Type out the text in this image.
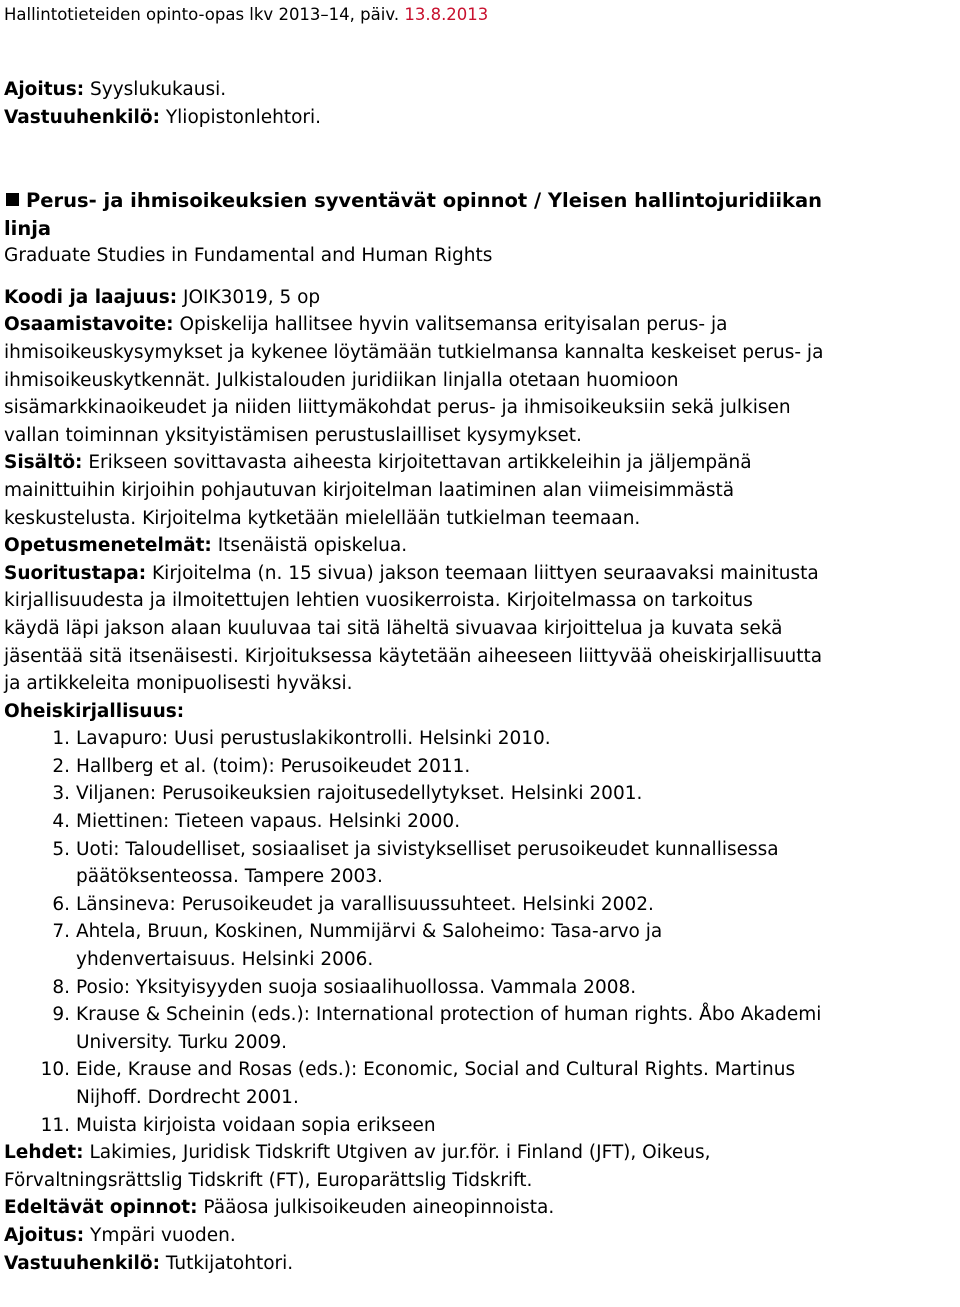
Hallintotieteiden opinto-opas lkv 2013–14, päiv. 13.8.2013
Ajoitus: Syyslukukausi.
Vastuuhenkilö: Yliopistonlehtori.
Perus- ja ihmisoikeuksien syventävät opinnot / Yleisen hallintojuridiikan
linja
Graduate Studies in Fundamental and Human Rights
Koodi ja laajuus: JOIK3019, 5 op
Osaamistavoite: Opiskelija hallitsee hyvin valitsemansa erityisalan perus- ja
ihmisoikeuskysymykset ja kykenee löytämään tutkielmansa kannalta keskeiset perus- ja
ihmisoikeuskytkennät. Julkistalouden juridiikan linjalla otetaan huomioon
sisämarkkinaoikeudet ja niiden liittymäkohdat perus- ja ihmisoikeuksiin sekä julkisen
vallan toiminnan yksityistämisen perustuslailliset kysymykset.
Sisältö: Erikseen sovittavasta aiheesta kirjoitettavan artikkeleihin ja jäljempänä
mainittuihin kirjoihin pohjautuvan kirjoitelman laatiminen alan viimeisimmästä
keskustelusta. Kirjoitelma kytketään mielellään tutkielman teemaan.
Opetusmenetelmät: Itsenäistä opiskelua.
Suoritustapa: Kirjoitelma (n. 15 sivua) jakson teemaan liittyen seuraavaksi mainitusta
kirjallisuudesta ja ilmoitettujen lehtien vuosikerroista. Kirjoitelmassa on tarkoitus
käydä läpi jakson alaan kuuluvaa tai sitä läheltä sivuavaa kirjoittelua ja kuvata sekä
jäsentää sitä itsenäisesti. Kirjoituksessa käytetään aiheeseen liittyvää oheiskirjallisuutta
ja artikkeleita monipuolisesti hyväksi.
Oheiskirjallisuus:
1. Lavapuro: Uusi perustuslakikontrolli. Helsinki 2010.
2. Hallberg et al. (toim): Perusoikeudet 2011.
3. Viljanen: Perusoikeuksien rajoitusedellytykset. Helsinki 2001.
4. Miettinen: Tieteen vapaus. Helsinki 2000.
5. Uoti: Taloudelliset, sosiaaliset ja sivistykselliset perusoikeudet kunnallisessa
päätöksenteossa. Tampere 2003.
6. Länsineva: Perusoikeudet ja varallisuussuhteet. Helsinki 2002.
7. Ahtela, Bruun, Koskinen, Nummijärvi & Saloheimo: Tasa-arvo ja
yhdenvertaisuus. Helsinki 2006.
8. Posio: Yksityisyyden suoja sosiaalihuollossa. Vammala 2008.
9. Krause & Scheinin (eds.): International protection of human rights. Åbo Akademi
University. Turku 2009.
10. Eide, Krause and Rosas (eds.): Economic, Social and Cultural Rights. Martinus
Nijhoff. Dordrecht 2001.
11. Muista kirjoista voidaan sopia erikseen
Lehdet: Lakimies, Juridisk Tidskrift Utgiven av jur.för. i Finland (JFT), Oikeus,
Förvaltningsrättslig Tidskrift (FT), Europarättslig Tidskrift.
Edeltävät opinnot: Pääosa julkisoikeuden aineopinnoista.
Ajoitus: Ympäri vuoden.
Vastuuhenkilö: Tutkijatohtori.
